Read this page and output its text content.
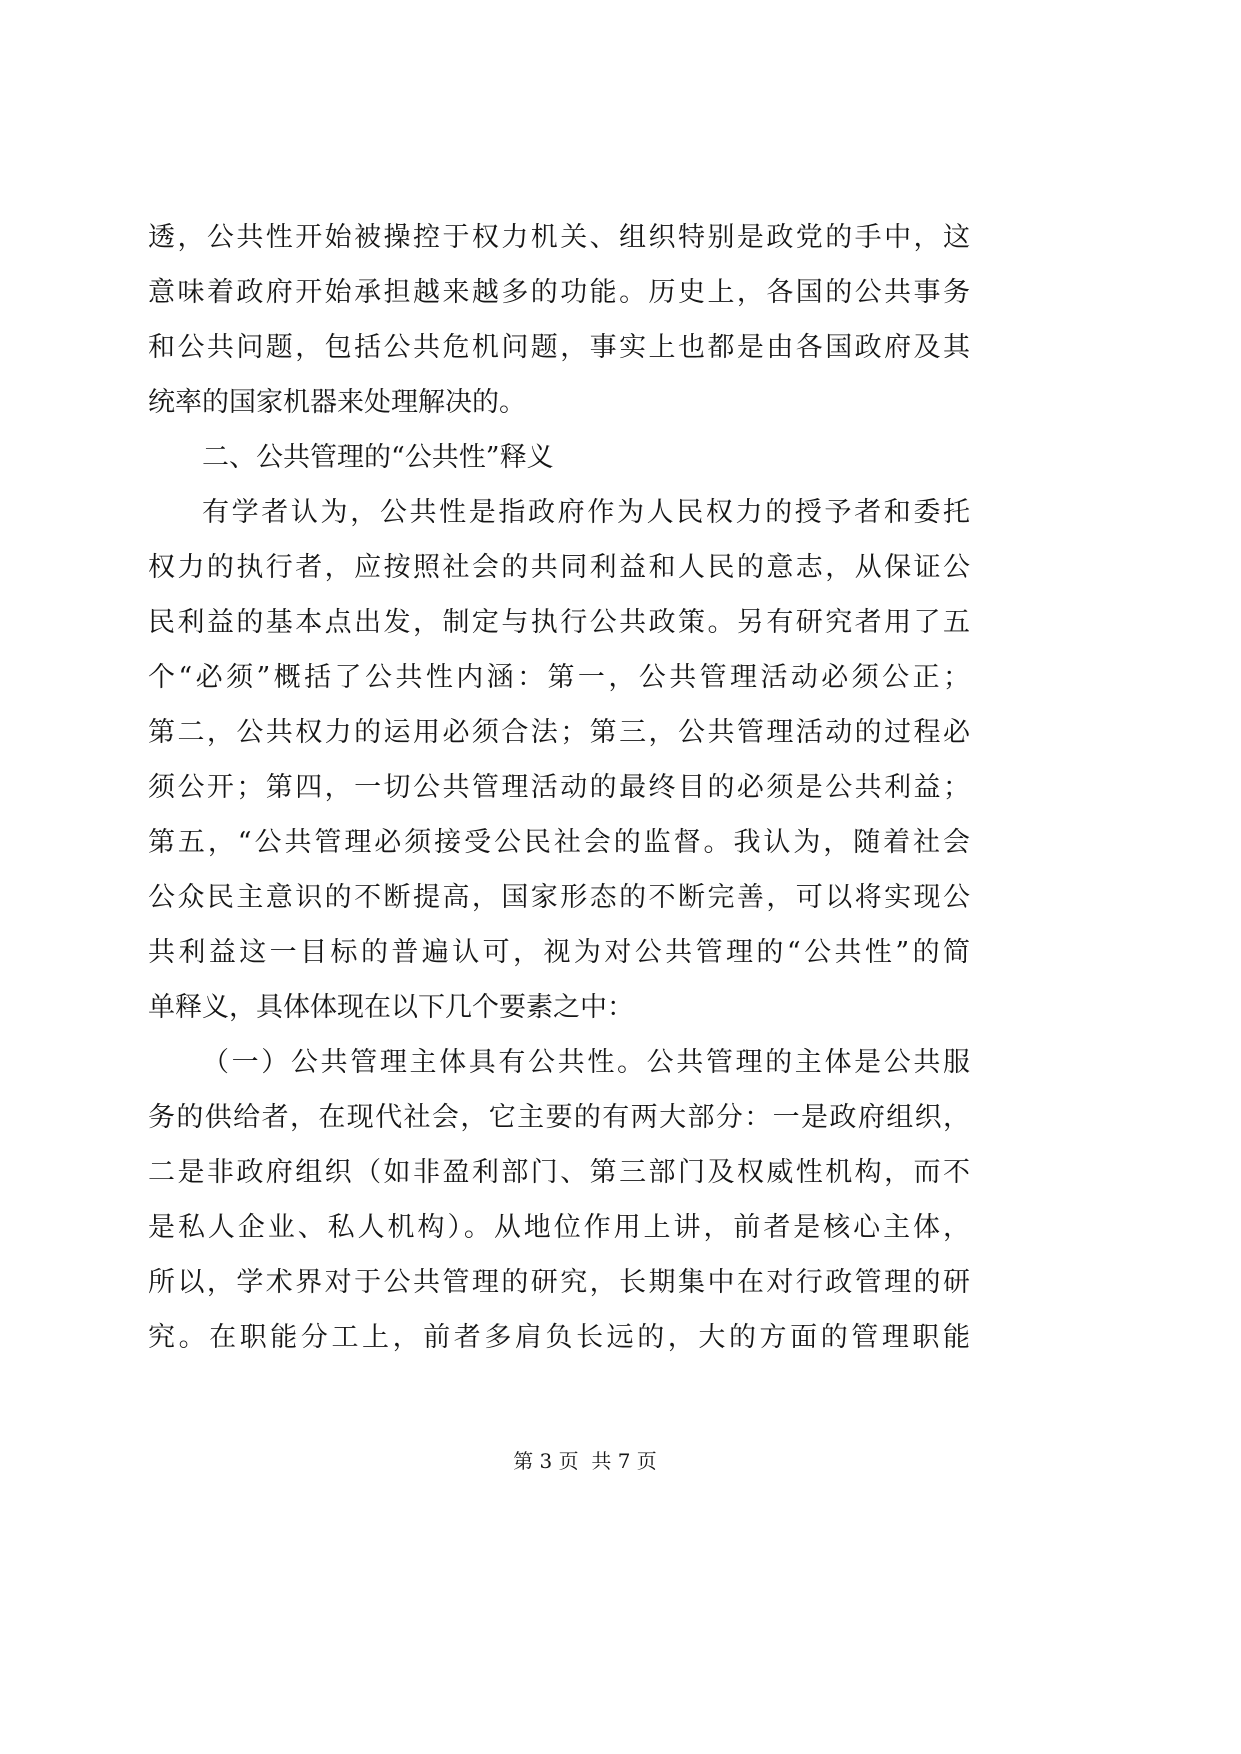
透，公共性开始被操控于权力机关、组织特别是政党的手中，这
意味着政府开始承担越来越多的功能。历史上，各国的公共事务
和公共问题，包括公共危机问题，事实上也都是由各国政府及其
统率的国家机器来处理解决的。
二、公共管理的“公共性”释义
有学者认为，公共性是指政府作为人民权力的授予者和委托
权力的执行者，应按照社会的共同利益和人民的意志，从保证公
民利益的基本点出发，制定与执行公共政策。另有研究者用了五
个“必须”概括了公共性内涵：第一，公共管理活动必须公正；
第二，公共权力的运用必须合法；第三，公共管理活动的过程必
须公开；第四，一切公共管理活动的最终目的必须是公共利益；
第五，“公共管理必须接受公民社会的监督。我认为，随着社会
公众民主意识的不断提高，国家形态的不断完善，可以将实现公
共利益这一目标的普遍认可，视为对公共管理的“公共性”的简
单释义，具体体现在以下几个要素之中：
（一）公共管理主体具有公共性。公共管理的主体是公共服
务的供给者，在现代社会，它主要的有两大部分：一是政府组织，
二是非政府组织（如非盈利部门、第三部门及权威性机构，而不
是私人企业、私人机构）。从地位作用上讲，前者是核心主体，
所以，学术界对于公共管理的研究，长期集中在对行政管理的研
究。在职能分工上，前者多肩负长远的，大的方面的管理职能
第 3 页  共 7 页
